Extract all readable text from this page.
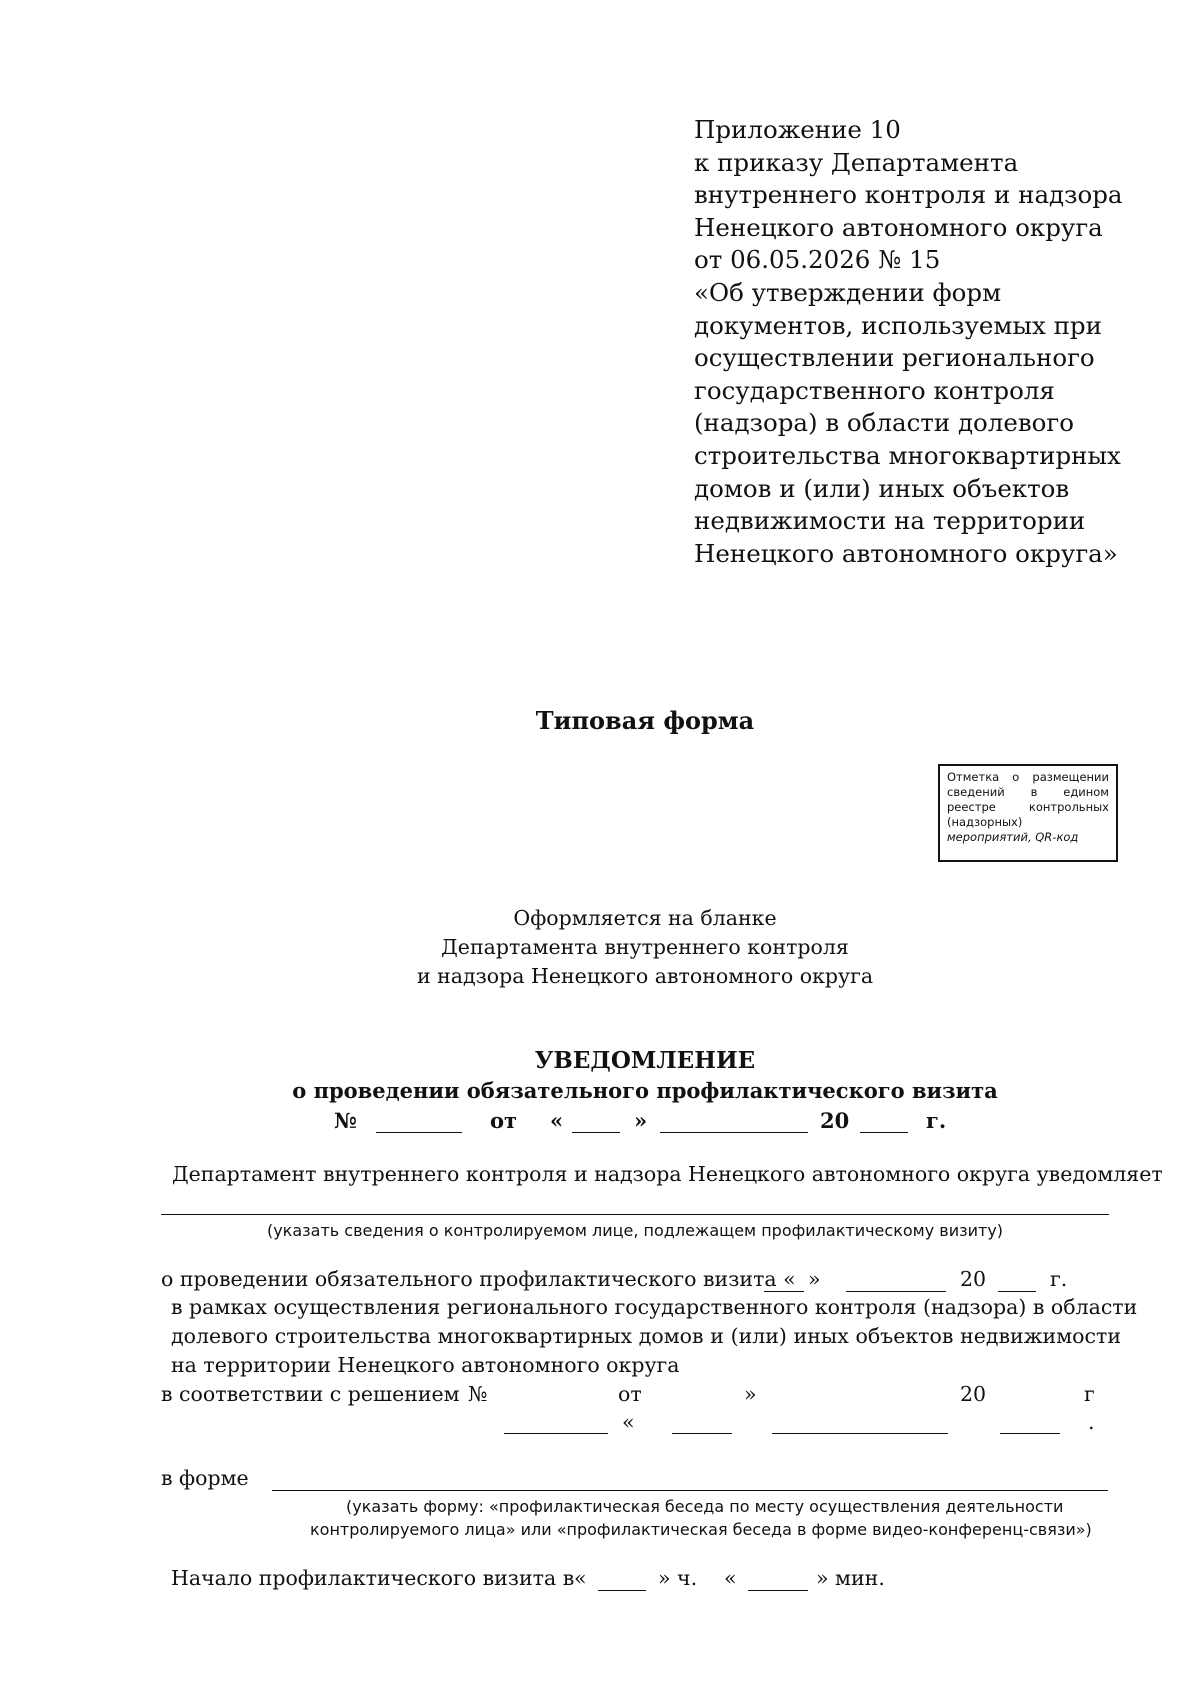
Приложение 10
к приказу Департамента
внутреннего контроля и надзора
Ненецкого автономного округа
от 06.05.2026 № 15
«Об утверждении форм
документов, используемых при
осуществлении регионального
государственного контроля
(надзора) в области долевого
строительства многоквартирных
домов и (или) иных объектов
недвижимости на территории
Ненецкого автономного округа»
Типовая форма
Отметка о размещении сведений в едином реестре контрольных (надзорных) мероприятий, QR-код
Оформляется на бланке
Департамента внутреннего контроля
и надзора Ненецкого автономного округа
УВЕДОМЛЕНИЕ
о проведении обязательного профилактического визита
№	от «	»	20	г.
Департамент внутреннего контроля и надзора Ненецкого автономного округа уведомляет
(указать сведения о контролируемом лице, подлежащем профилактическому визиту)
о проведении обязательного профилактического визита « »	20	г.
в рамках осуществления регионального государственного контроля (надзора) в области
долевого строительства многоквартирных домов и (или) иных объектов недвижимости
на территории Ненецкого автономного округа
в соответствии с решением №	от	»	20	г
«	.
в форме
(указать форму: «профилактическая беседа по месту осуществления деятельности
контролируемого лица» или «профилактическая беседа в форме видео-конференц-связи»)
Начало профилактического визита в «	» ч. «	» мин.
